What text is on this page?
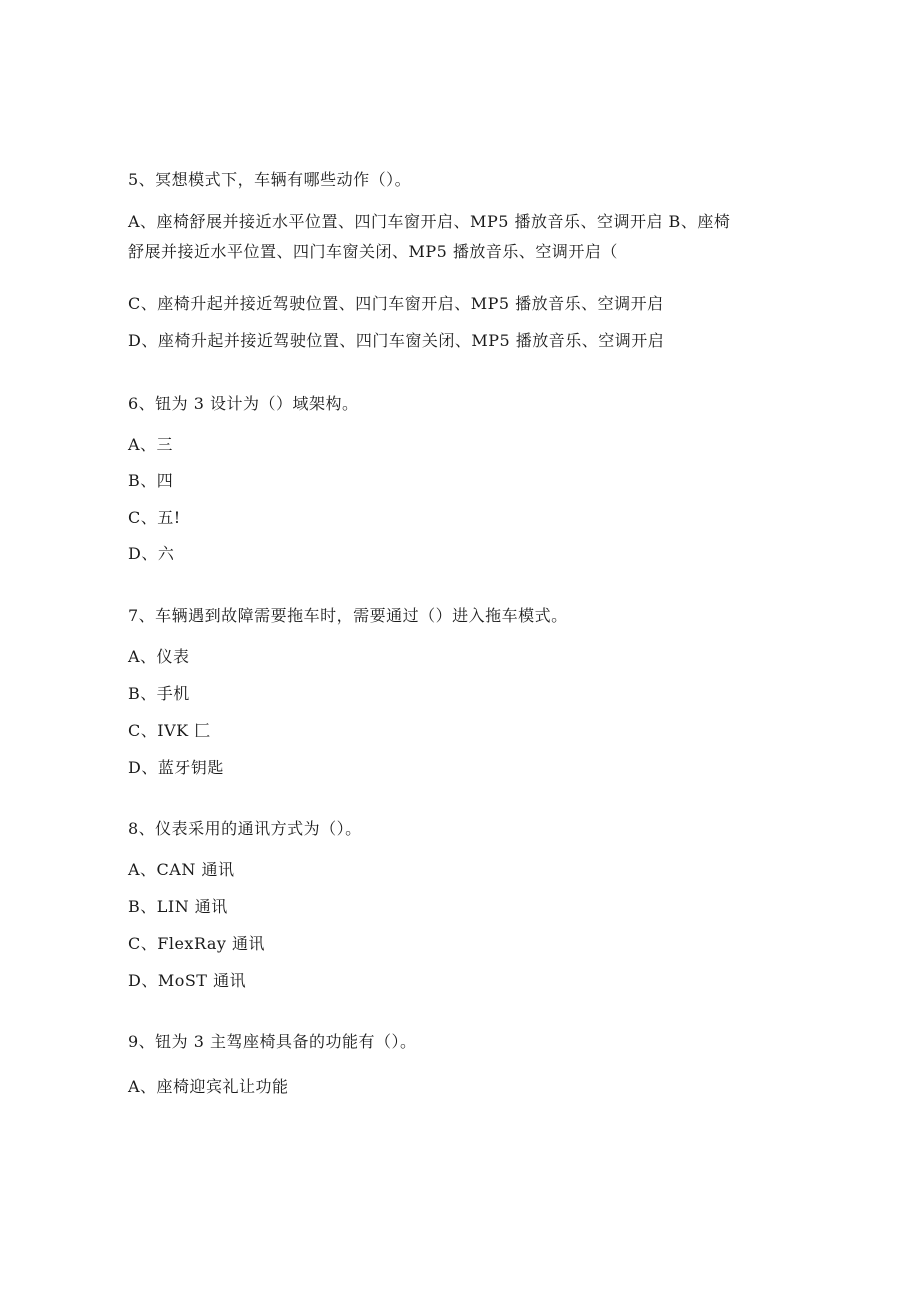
5、冥想模式下，车辆有哪些动作（）。
A、座椅舒展并接近水平位置、四门车窗开启、MP5 播放音乐、空调开启 B、座椅
舒展并接近水平位置、四门车窗关闭、MP5 播放音乐、空调开启（
C、座椅升起并接近驾驶位置、四门车窗开启、MP5 播放音乐、空调开启
D、座椅升起并接近驾驶位置、四门车窗关闭、MP5 播放音乐、空调开启
6、钮为 3 设计为（）域架构。
A、三
B、四
C、五!
D、六
7、车辆遇到故障需要拖车时，需要通过（）进入拖车模式。
A、仪表
B、手机
C、IVK 匚
D、蓝牙钥匙
8、仪表采用的通讯方式为（）。
A、CAN 通讯
B、LIN 通讯
C、FlexRay 通讯
D、MoST 通讯
9、钮为 3 主驾座椅具备的功能有（）。
A、座椅迎宾礼让功能
